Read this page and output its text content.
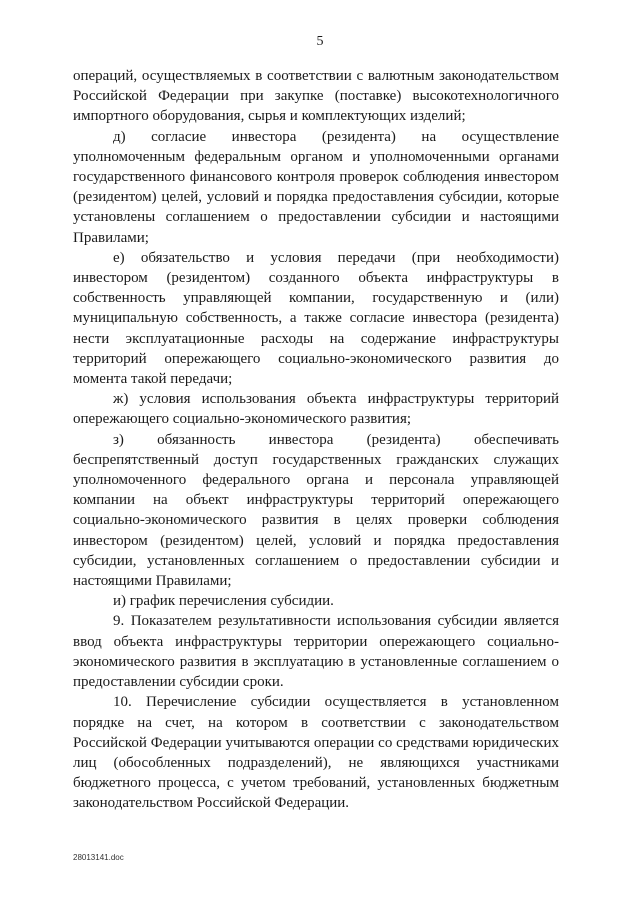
5

операций, осуществляемых в соответствии с валютным законодательством Российской Федерации при закупке (поставке) высокотехнологичного импортного оборудования, сырья и комплектующих изделий;

д) согласие инвестора (резидента) на осуществление уполномоченным федеральным органом и уполномоченными органами государственного финансового контроля проверок соблюдения инвестором (резидентом) целей, условий и порядка предоставления субсидии, которые установлены соглашением о предоставлении субсидии и настоящими Правилами;

е) обязательство и условия передачи (при необходимости) инвестором (резидентом) созданного объекта инфраструктуры в собственность управляющей компании, государственную и (или) муниципальную собственность, а также согласие инвестора (резидента) нести эксплуатационные расходы на содержание инфраструктуры территорий опережающего социально-экономического развития до момента такой передачи;

ж) условия использования объекта инфраструктуры территорий опережающего социально-экономического развития;

з) обязанность инвестора (резидента) обеспечивать беспрепятственный доступ государственных гражданских служащих уполномоченного федерального органа и персонала управляющей компании на объект инфраструктуры территорий опережающего социально-экономического развития в целях проверки соблюдения инвестором (резидентом) целей, условий и порядка предоставления субсидии, установленных соглашением о предоставлении субсидии и настоящими Правилами;

и) график перечисления субсидии.

9. Показателем результативности использования субсидии является ввод объекта инфраструктуры территории опережающего социально-экономического развития в эксплуатацию в установленные соглашением о предоставлении субсидии сроки.

10. Перечисление субсидии осуществляется в установленном порядке на счет, на котором в соответствии с законодательством Российской Федерации учитываются операции со средствами юридических лиц (обособленных подразделений), не являющихся участниками бюджетного процесса, с учетом требований, установленных бюджетным законодательством Российской Федерации.

28013141.doc
